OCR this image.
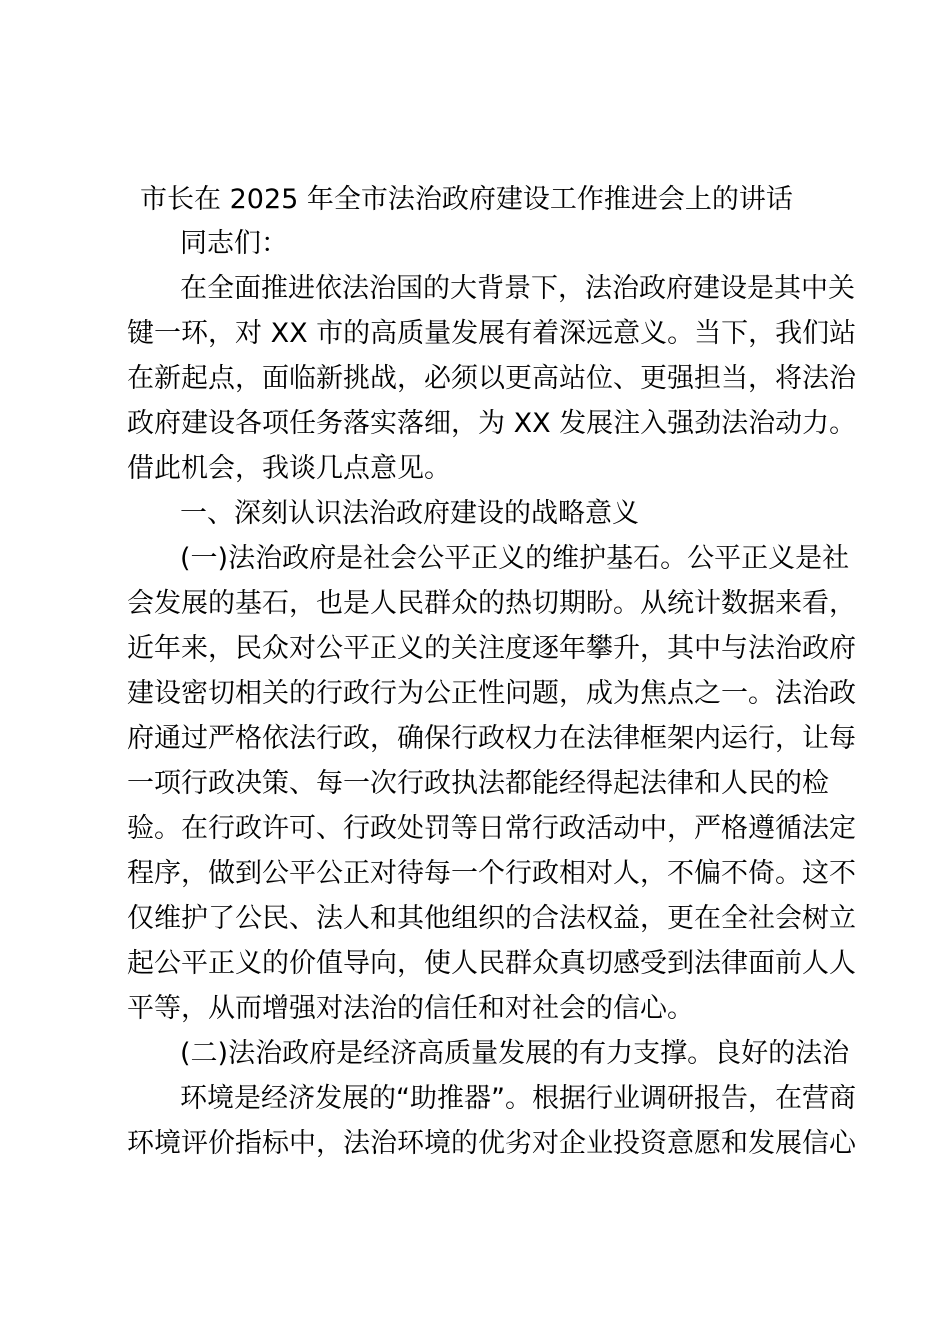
市长在 2025 年全市法治政府建设工作推进会上的讲话
同志们：
在全面推进依法治国的大背景下，法治政府建设是其中关
键一环，对 XX 市的高质量发展有着深远意义。当下，我们站
在新起点，面临新挑战，必须以更高站位、更强担当，将法治
政府建设各项任务落实落细，为 XX 发展注入强劲法治动力。
借此机会，我谈几点意见。
一、深刻认识法治政府建设的战略意义
(一)法治政府是社会公平正义的维护基石。公平正义是社
会发展的基石，也是人民群众的热切期盼。从统计数据来看，
近年来，民众对公平正义的关注度逐年攀升，其中与法治政府
建设密切相关的行政行为公正性问题，成为焦点之一。法治政
府通过严格依法行政，确保行政权力在法律框架内运行，让每
一项行政决策、每一次行政执法都能经得起法律和人民的检
验。在行政许可、行政处罚等日常行政活动中，严格遵循法定
程序，做到公平公正对待每一个行政相对人，不偏不倚。这不
仅维护了公民、法人和其他组织的合法权益，更在全社会树立
起公平正义的价值导向，使人民群众真切感受到法律面前人人
平等，从而增强对法治的信任和对社会的信心。
(二)法治政府是经济高质量发展的有力支撑。良好的法治
环境是经济发展的“助推器”。根据行业调研报告，在营商
环境评价指标中，法治环境的优劣对企业投资意愿和发展信心
